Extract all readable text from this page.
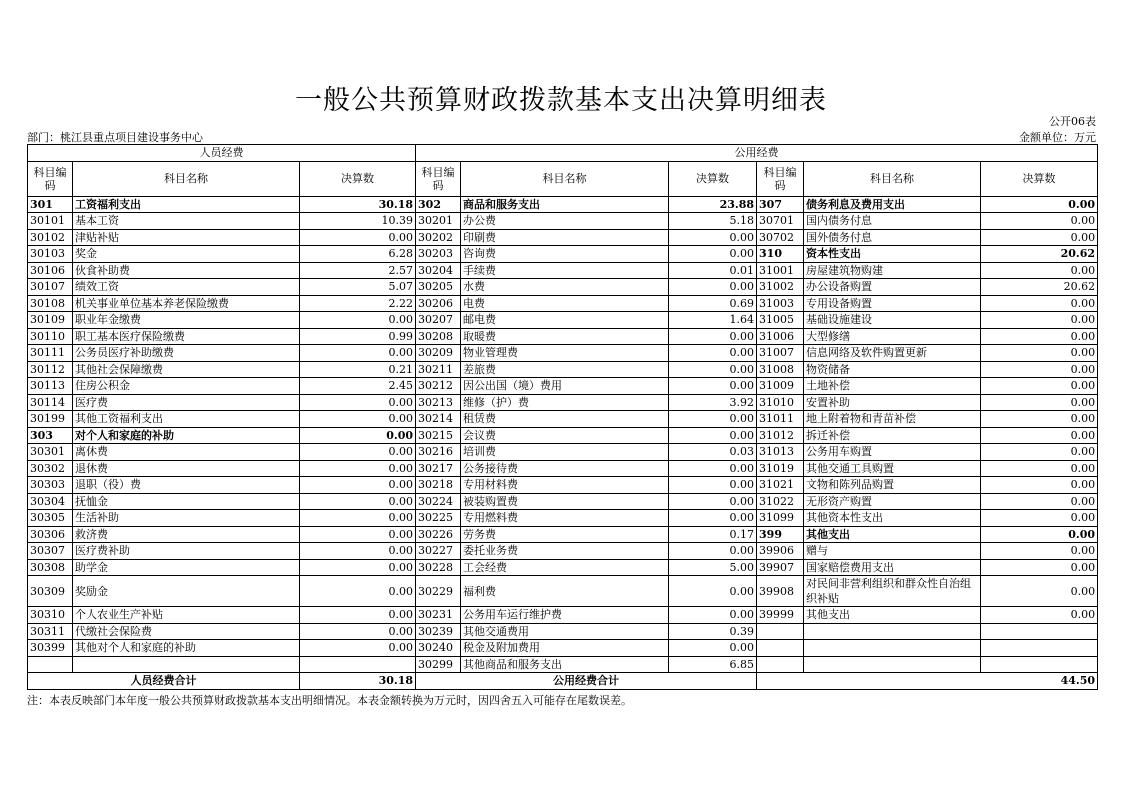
一般公共预算财政拨款基本支出决算明细表
公开06表
部门：桃江县重点项目建设事务中心	金额单位：万元
人员经费			公用经费					
科目编码	科目名称	决算数	科目编码	科目名称	决算数	科目编码	科目名称	决算数
301	工资福利支出	30.18	302	商品和服务支出	23.88	307	债务利息及费用支出	0.00
30101	基本工资	10.39	30201	办公费	5.18	30701	国内债务付息	0.00
30102	津贴补贴	0.00	30202	印刷费	0.00	30702	国外债务付息	0.00
30103	奖金	6.28	30203	咨询费	0.00	310	资本性支出	20.62
30106	伙食补助费	2.57	30204	手续费	0.01	31001	房屋建筑物购建	0.00
30107	绩效工资	5.07	30205	水费	0.00	31002	办公设备购置	20.62
30108	机关事业单位基本养老保险缴费	2.22	30206	电费	0.69	31003	专用设备购置	0.00
30109	职业年金缴费	0.00	30207	邮电费	1.64	31005	基础设施建设	0.00
30110	职工基本医疗保险缴费	0.99	30208	取暖费	0.00	31006	大型修缮	0.00
30111	公务员医疗补助缴费	0.00	30209	物业管理费	0.00	31007	信息网络及软件购置更新	0.00
30112	其他社会保障缴费	0.21	30211	差旅费	0.00	31008	物资储备	0.00
30113	住房公积金	2.45	30212	因公出国（境）费用	0.00	31009	土地补偿	0.00
30114	医疗费	0.00	30213	维修（护）费	3.92	31010	安置补助	0.00
30199	其他工资福利支出	0.00	30214	租赁费	0.00	31011	地上附着物和青苗补偿	0.00
303	对个人和家庭的补助	0.00	30215	会议费	0.00	31012	拆迁补偿	0.00
30301	离休费	0.00	30216	培训费	0.03	31013	公务用车购置	0.00
30302	退休费	0.00	30217	公务接待费	0.00	31019	其他交通工具购置	0.00
30303	退职（役）费	0.00	30218	专用材料费	0.00	31021	文物和陈列品购置	0.00
30304	抚恤金	0.00	30224	被装购置费	0.00	31022	无形资产购置	0.00
30305	生活补助	0.00	30225	专用燃料费	0.00	31099	其他资本性支出	0.00
30306	救济费	0.00	30226	劳务费	0.17	399	其他支出	0.00
30307	医疗费补助	0.00	30227	委托业务费	0.00	39906	赠与	0.00
30308	助学金	0.00	30228	工会经费	5.00	39907	国家赔偿费用支出	0.00
30309	奖励金	0.00	30229	福利费	0.00	39908	对民间非营利组织和群众性自治组织补贴	0.00
30310	个人农业生产补贴	0.00	30231	公务用车运行维护费	0.00	39999	其他支出	0.00
30311	代缴社会保险费	0.00	30239	其他交通费用	0.39			
30399	其他对个人和家庭的补助	0.00	30240	税金及附加费用	0.00			
			30299	其他商品和服务支出	6.85			
人员经费合计		30.18	公用经费合计			44.50		
注：本表反映部门本年度一般公共预算财政拨款基本支出明细情况。本表金额转换为万元时，因四舍五入可能存在尾数误差。
